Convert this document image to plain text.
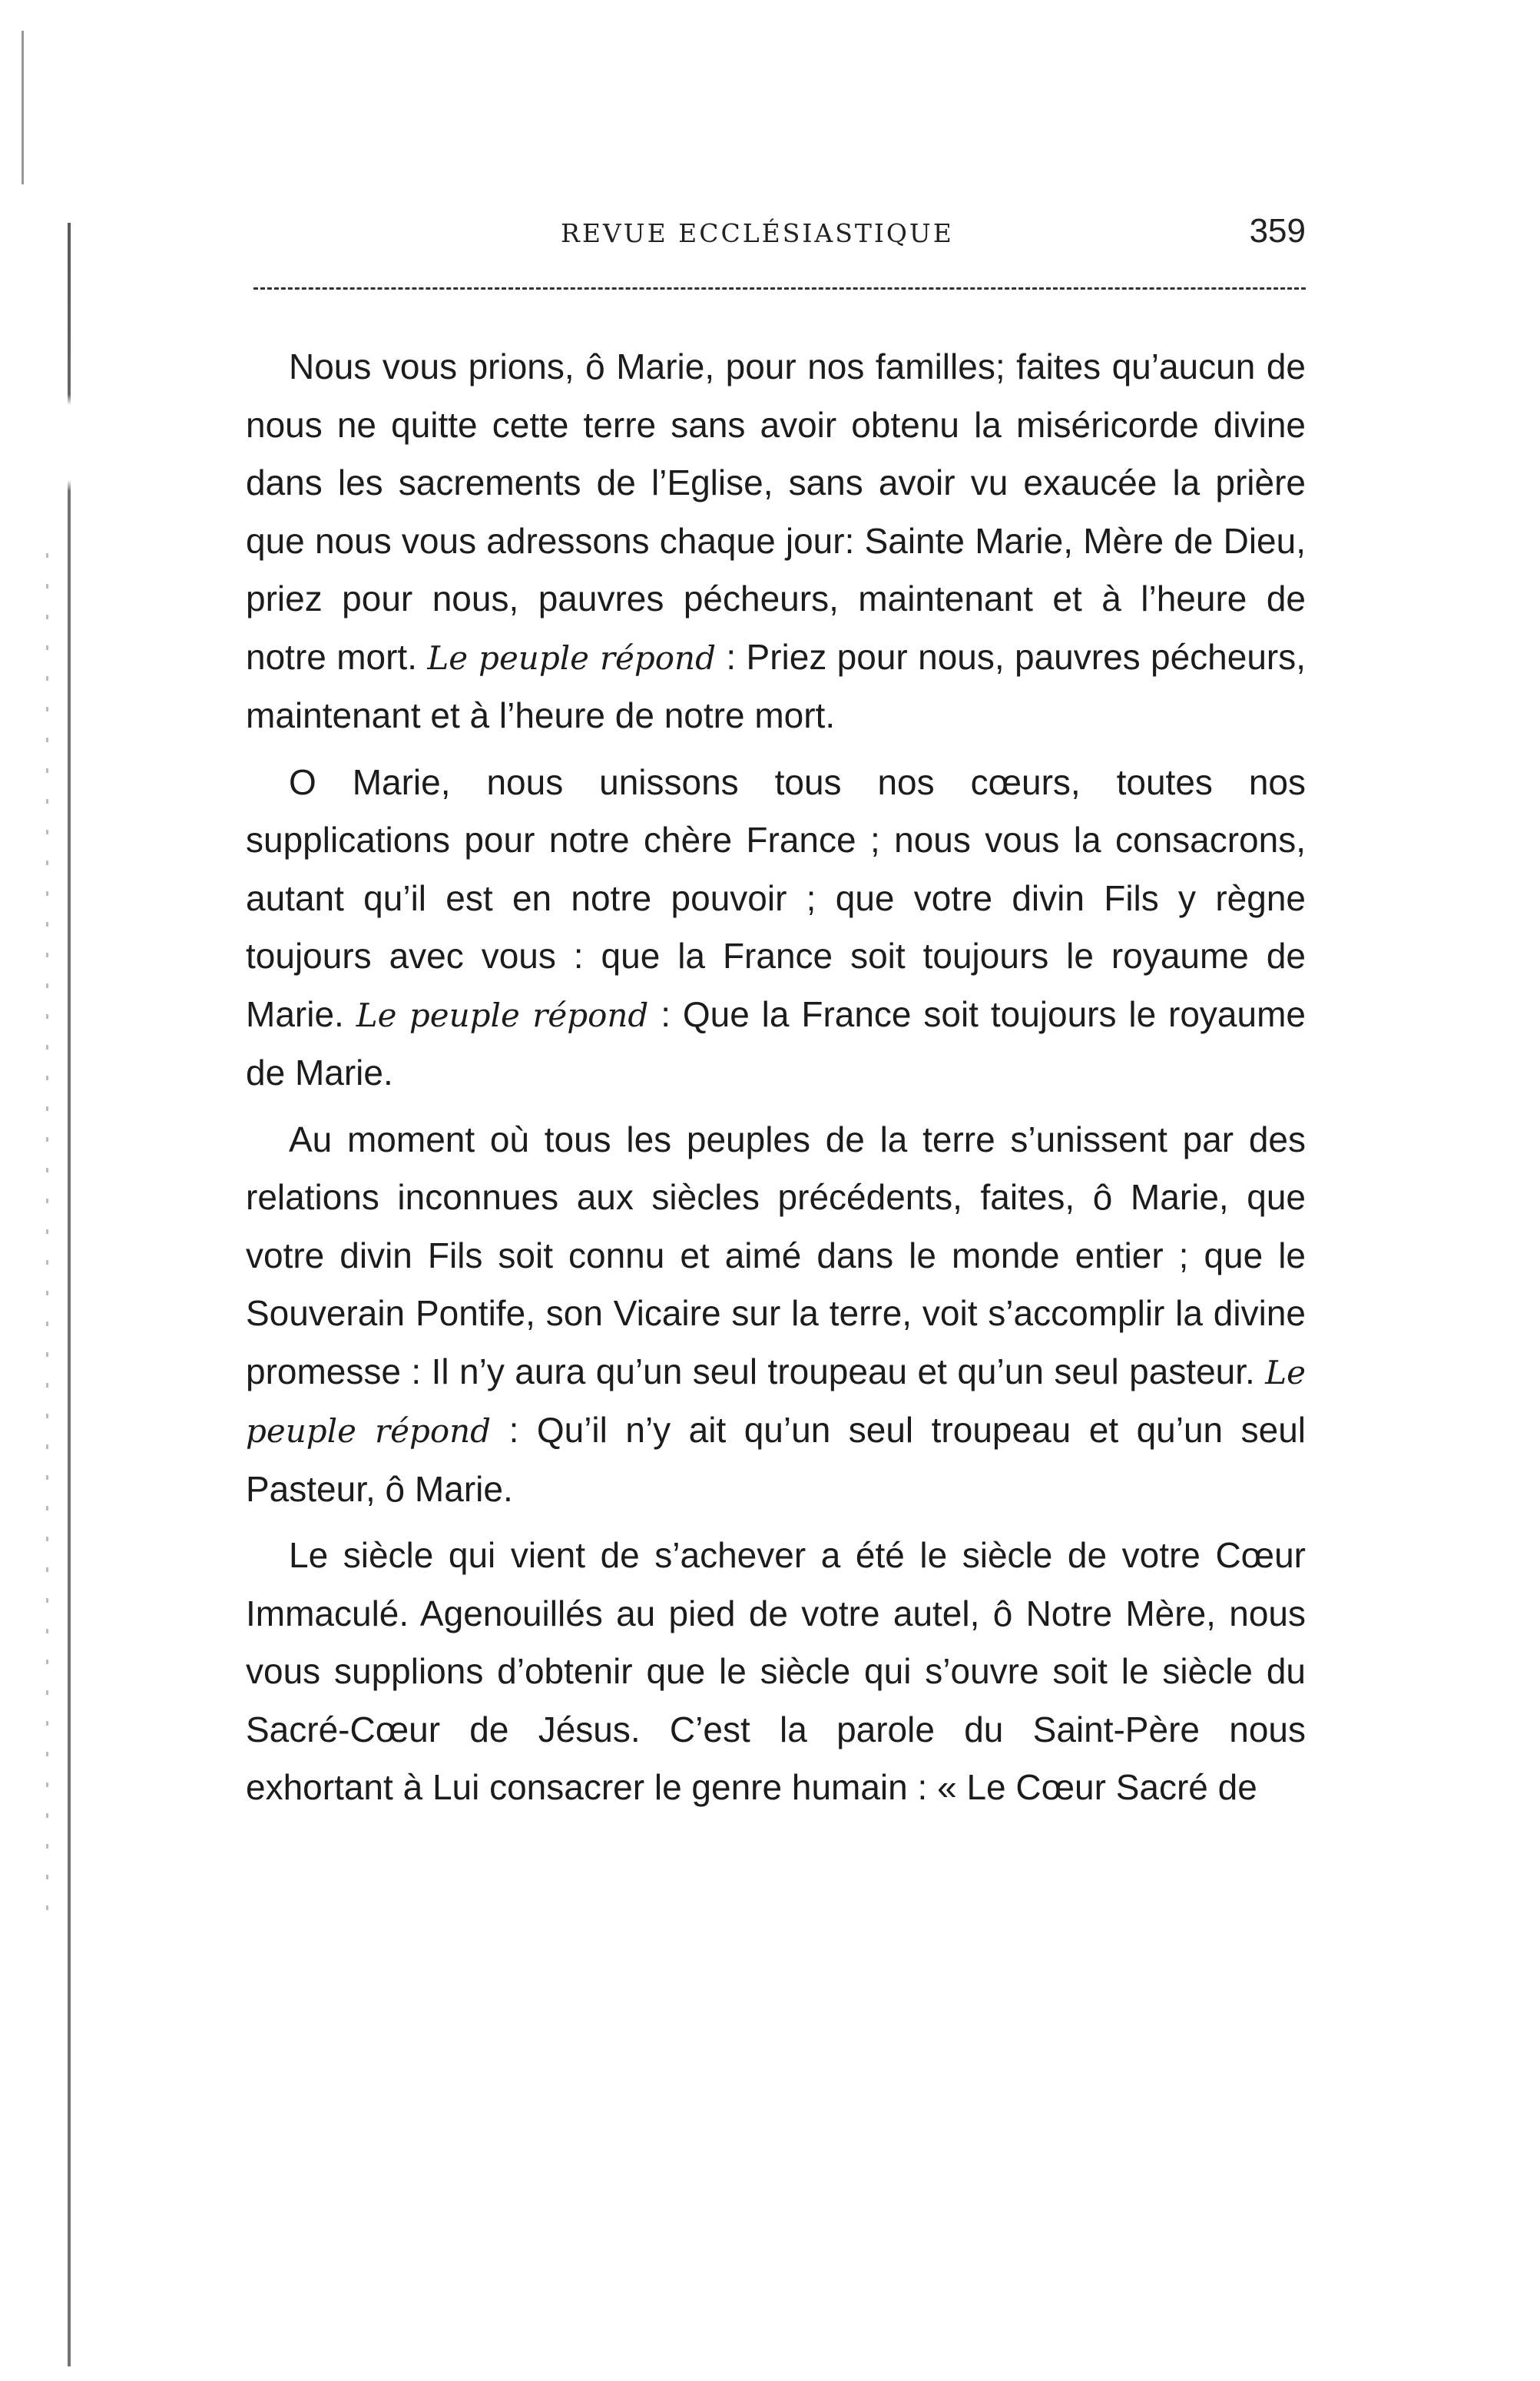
REVUE ECCLÉSIASTIQUE	359

Nous vous prions, ô Marie, pour nos familles; faites qu’aucun de nous ne quitte cette terre sans avoir obtenu la miséricorde divine dans les sacrements de l’Eglise, sans avoir vu exaucée la prière que nous vous adressons chaque jour: Sainte Marie, Mère de Dieu, priez pour nous, pauvres pécheurs, maintenant et à l’heure de notre mort. Le peuple répond : Priez pour nous, pauvres pécheurs, maintenant et à l’heure de notre mort.

O Marie, nous unissons tous nos cœurs, toutes nos supplications pour notre chère France ; nous vous la consacrons, autant qu’il est en notre pouvoir ; que votre divin Fils y règne toujours avec vous : que la France soit toujours le royaume de Marie. Le peuple répond : Que la France soit toujours le royaume de Marie.

Au moment où tous les peuples de la terre s’unissent par des relations inconnues aux siècles précédents, faites, ô Marie, que votre divin Fils soit connu et aimé dans le monde entier ; que le Souverain Pontife, son Vicaire sur la terre, voit s’accomplir la divine promesse : Il n’y aura qu’un seul troupeau et qu’un seul pasteur. Le peuple répond : Qu’il n’y ait qu’un seul troupeau et qu’un seul Pasteur, ô Marie.

Le siècle qui vient de s’achever a été le siècle de votre Cœur Immaculé. Agenouillés au pied de votre autel, ô Notre Mère, nous vous supplions d’obtenir que le siècle qui s’ouvre soit le siècle du Sacré-Cœur de Jésus. C’est la parole du Saint-Père nous exhortant à Lui consacrer le genre humain : « Le Cœur Sacré de
